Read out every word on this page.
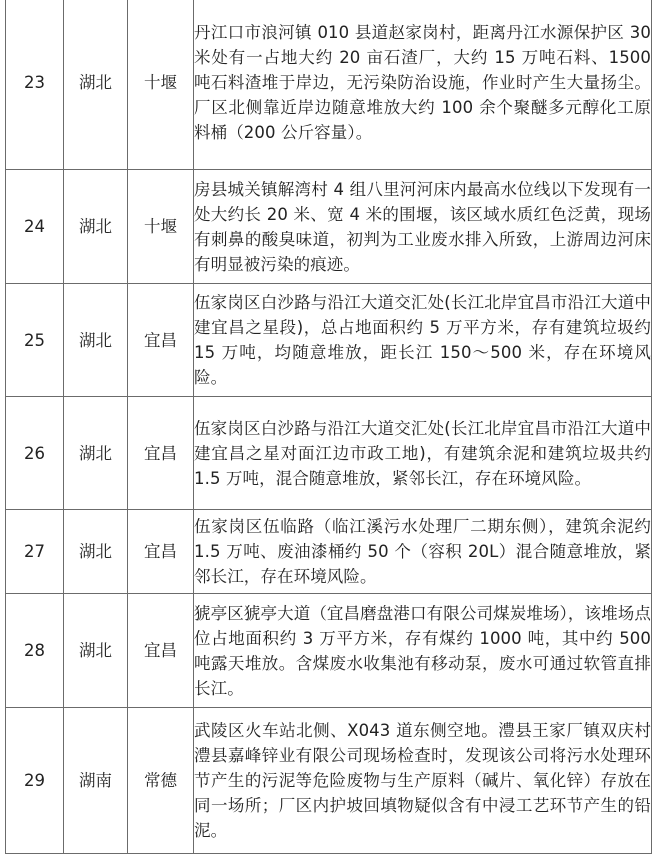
23	湖北	十堰	丹江口市浪河镇 010 县道赵家岗村，距离丹江水源保护区 30 米处有一占地大约 20 亩石渣厂，大约 15 万吨石料、1500 吨石料渣堆于岸边，无污染防治设施，作业时产生大量扬尘。厂区北侧靠近岸边随意堆放大约 100 余个聚醚多元醇化工原料桶（200 公斤容量）。
24	湖北	十堰	房县城关镇解湾村 4 组八里河河床内最高水位线以下发现有一处大约长 20 米、宽 4 米的围堰，该区域水质红色泛黄，现场有刺鼻的酸臭味道，初判为工业废水排入所致，上游周边河床有明显被污染的痕迹。
25	湖北	宜昌	伍家岗区白沙路与沿江大道交汇处(长江北岸宜昌市沿江大道中建宜昌之星段)，总占地面积约 5 万平方米，存有建筑垃圾约 15 万吨，均随意堆放，距长江 150～500 米，存在环境风险。
26	湖北	宜昌	伍家岗区白沙路与沿江大道交汇处(长江北岸宜昌市沿江大道中建宜昌之星对面江边市政工地)，有建筑余泥和建筑垃圾共约 1.5 万吨，混合随意堆放，紧邻长江，存在环境风险。
27	湖北	宜昌	伍家岗区伍临路（临江溪污水处理厂二期东侧），建筑余泥约 1.5 万吨、废油漆桶约 50 个（容积 20L）混合随意堆放，紧邻长江，存在环境风险。
28	湖北	宜昌	猇亭区猇亭大道（宜昌磨盘港口有限公司煤炭堆场），该堆场点位占地面积约 3 万平方米，存有煤约 1000 吨，其中约 500 吨露天堆放。含煤废水收集池有移动泵，废水可通过软管直排长江。
29	湖南	常德	武陵区火车站北侧、X043 道东侧空地。澧县王家厂镇双庆村澧县嘉峰锌业有限公司现场检查时，发现该公司将污水处理环节产生的污泥等危险废物与生产原料（碱片、氧化锌）存放在同一场所；厂区内护坡回填物疑似含有中浸工艺环节产生的铅泥。
